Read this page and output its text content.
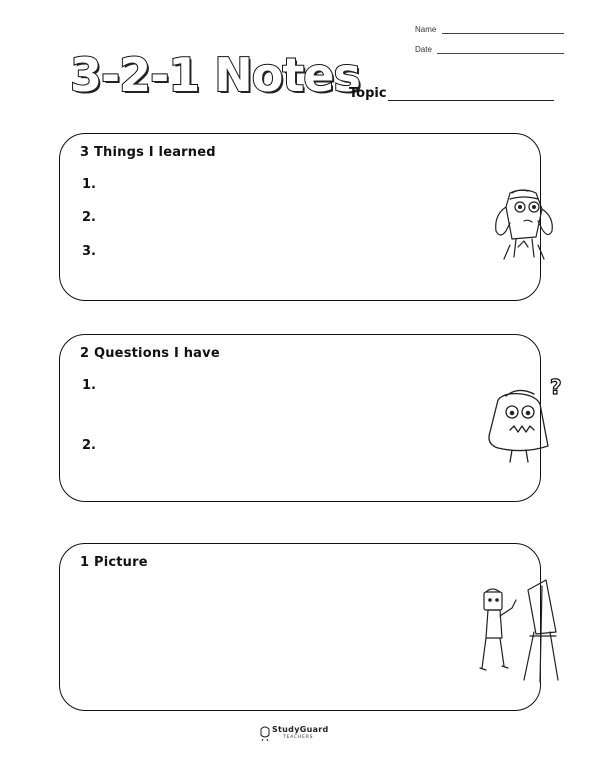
Name
Date
3-2-1 Notes
Topic
3 Things I learned
1.
2.
3.
2 Questions I have
1.
2.
?
1 Picture
StudyGuard
TEACHERS
